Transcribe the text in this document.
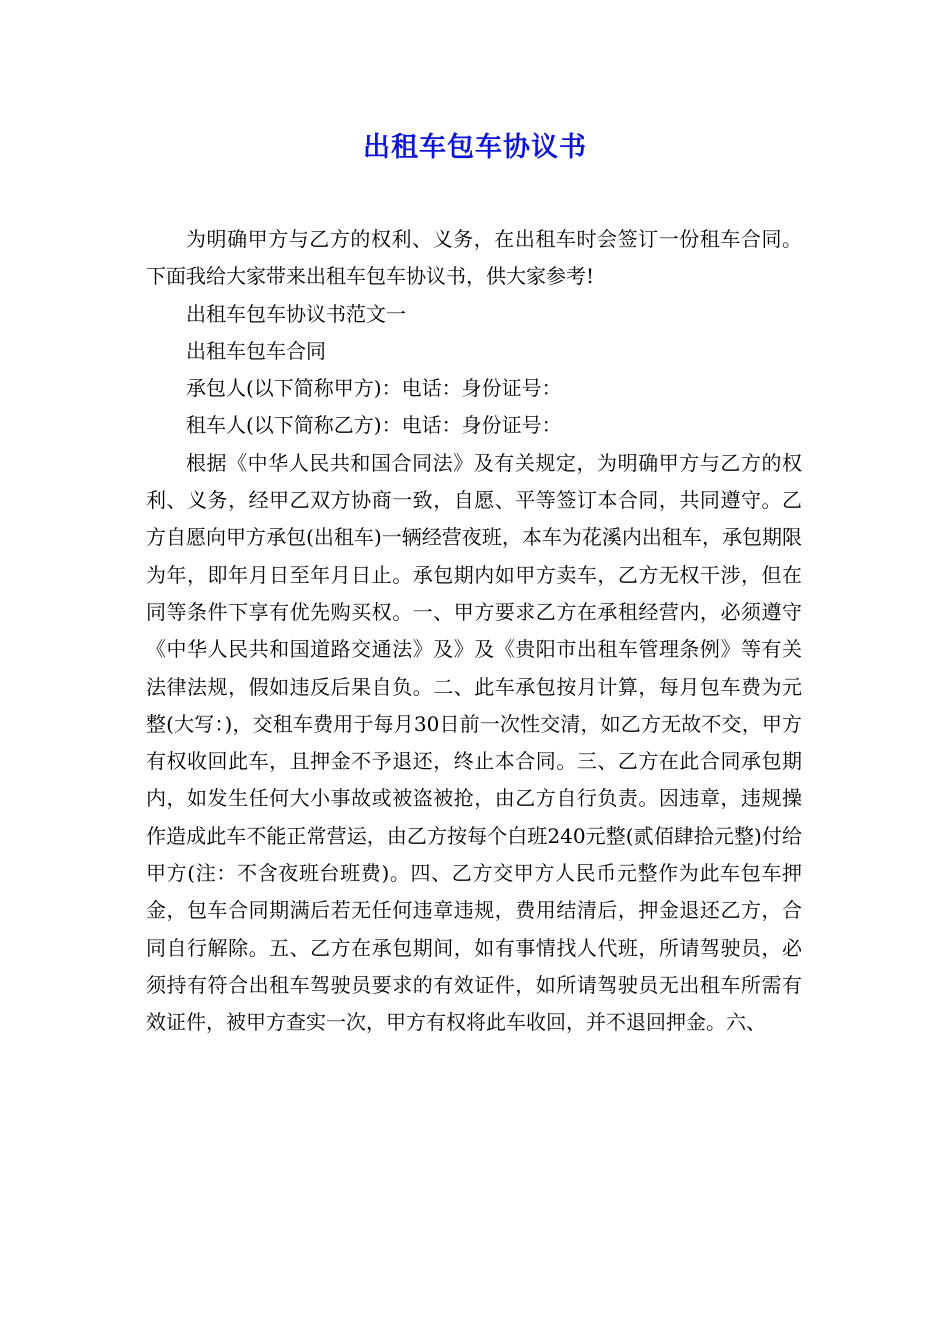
出租车包车协议书

为明确甲方与乙方的权利、义务，在出租车时会签订一份租车合同。下面我给大家带来出租车包车协议书，供大家参考!

出租车包车协议书范文一

出租车包车合同

承包人(以下简称甲方)：电话：身份证号：

租车人(以下简称乙方)：电话：身份证号：

根据《中华人民共和国合同法》及有关规定，为明确甲方与乙方的权利、义务，经甲乙双方协商一致，自愿、平等签订本合同，共同遵守。乙方自愿向甲方承包(出租车)一辆经营夜班，本车为花溪内出租车，承包期限为年，即年月日至年月日止。承包期内如甲方卖车，乙方无权干涉，但在同等条件下享有优先购买权。一、甲方要求乙方在承租经营内，必须遵守《中华人民共和国道路交通法》及》及《贵阳市出租车管理条例》等有关法律法规，假如违反后果自负。二、此车承包按月计算，每月包车费为元整(大写：)，交租车费用于每月30日前一次性交清，如乙方无故不交，甲方有权收回此车，且押金不予退还，终止本合同。三、乙方在此合同承包期内，如发生任何大小事故或被盗被抢，由乙方自行负责。因违章，违规操作造成此车不能正常营运，由乙方按每个白班240元整(贰佰肆拾元整)付给甲方(注：不含夜班台班费)。四、乙方交甲方人民币元整作为此车包车押金，包车合同期满后若无任何违章违规，费用结清后，押金退还乙方，合同自行解除。五、乙方在承包期间，如有事情找人代班，所请驾驶员，必须持有符合出租车驾驶员要求的有效证件，如所请驾驶员无出租车所需有效证件，被甲方查实一次，甲方有权将此车收回，并不退回押金。六、
